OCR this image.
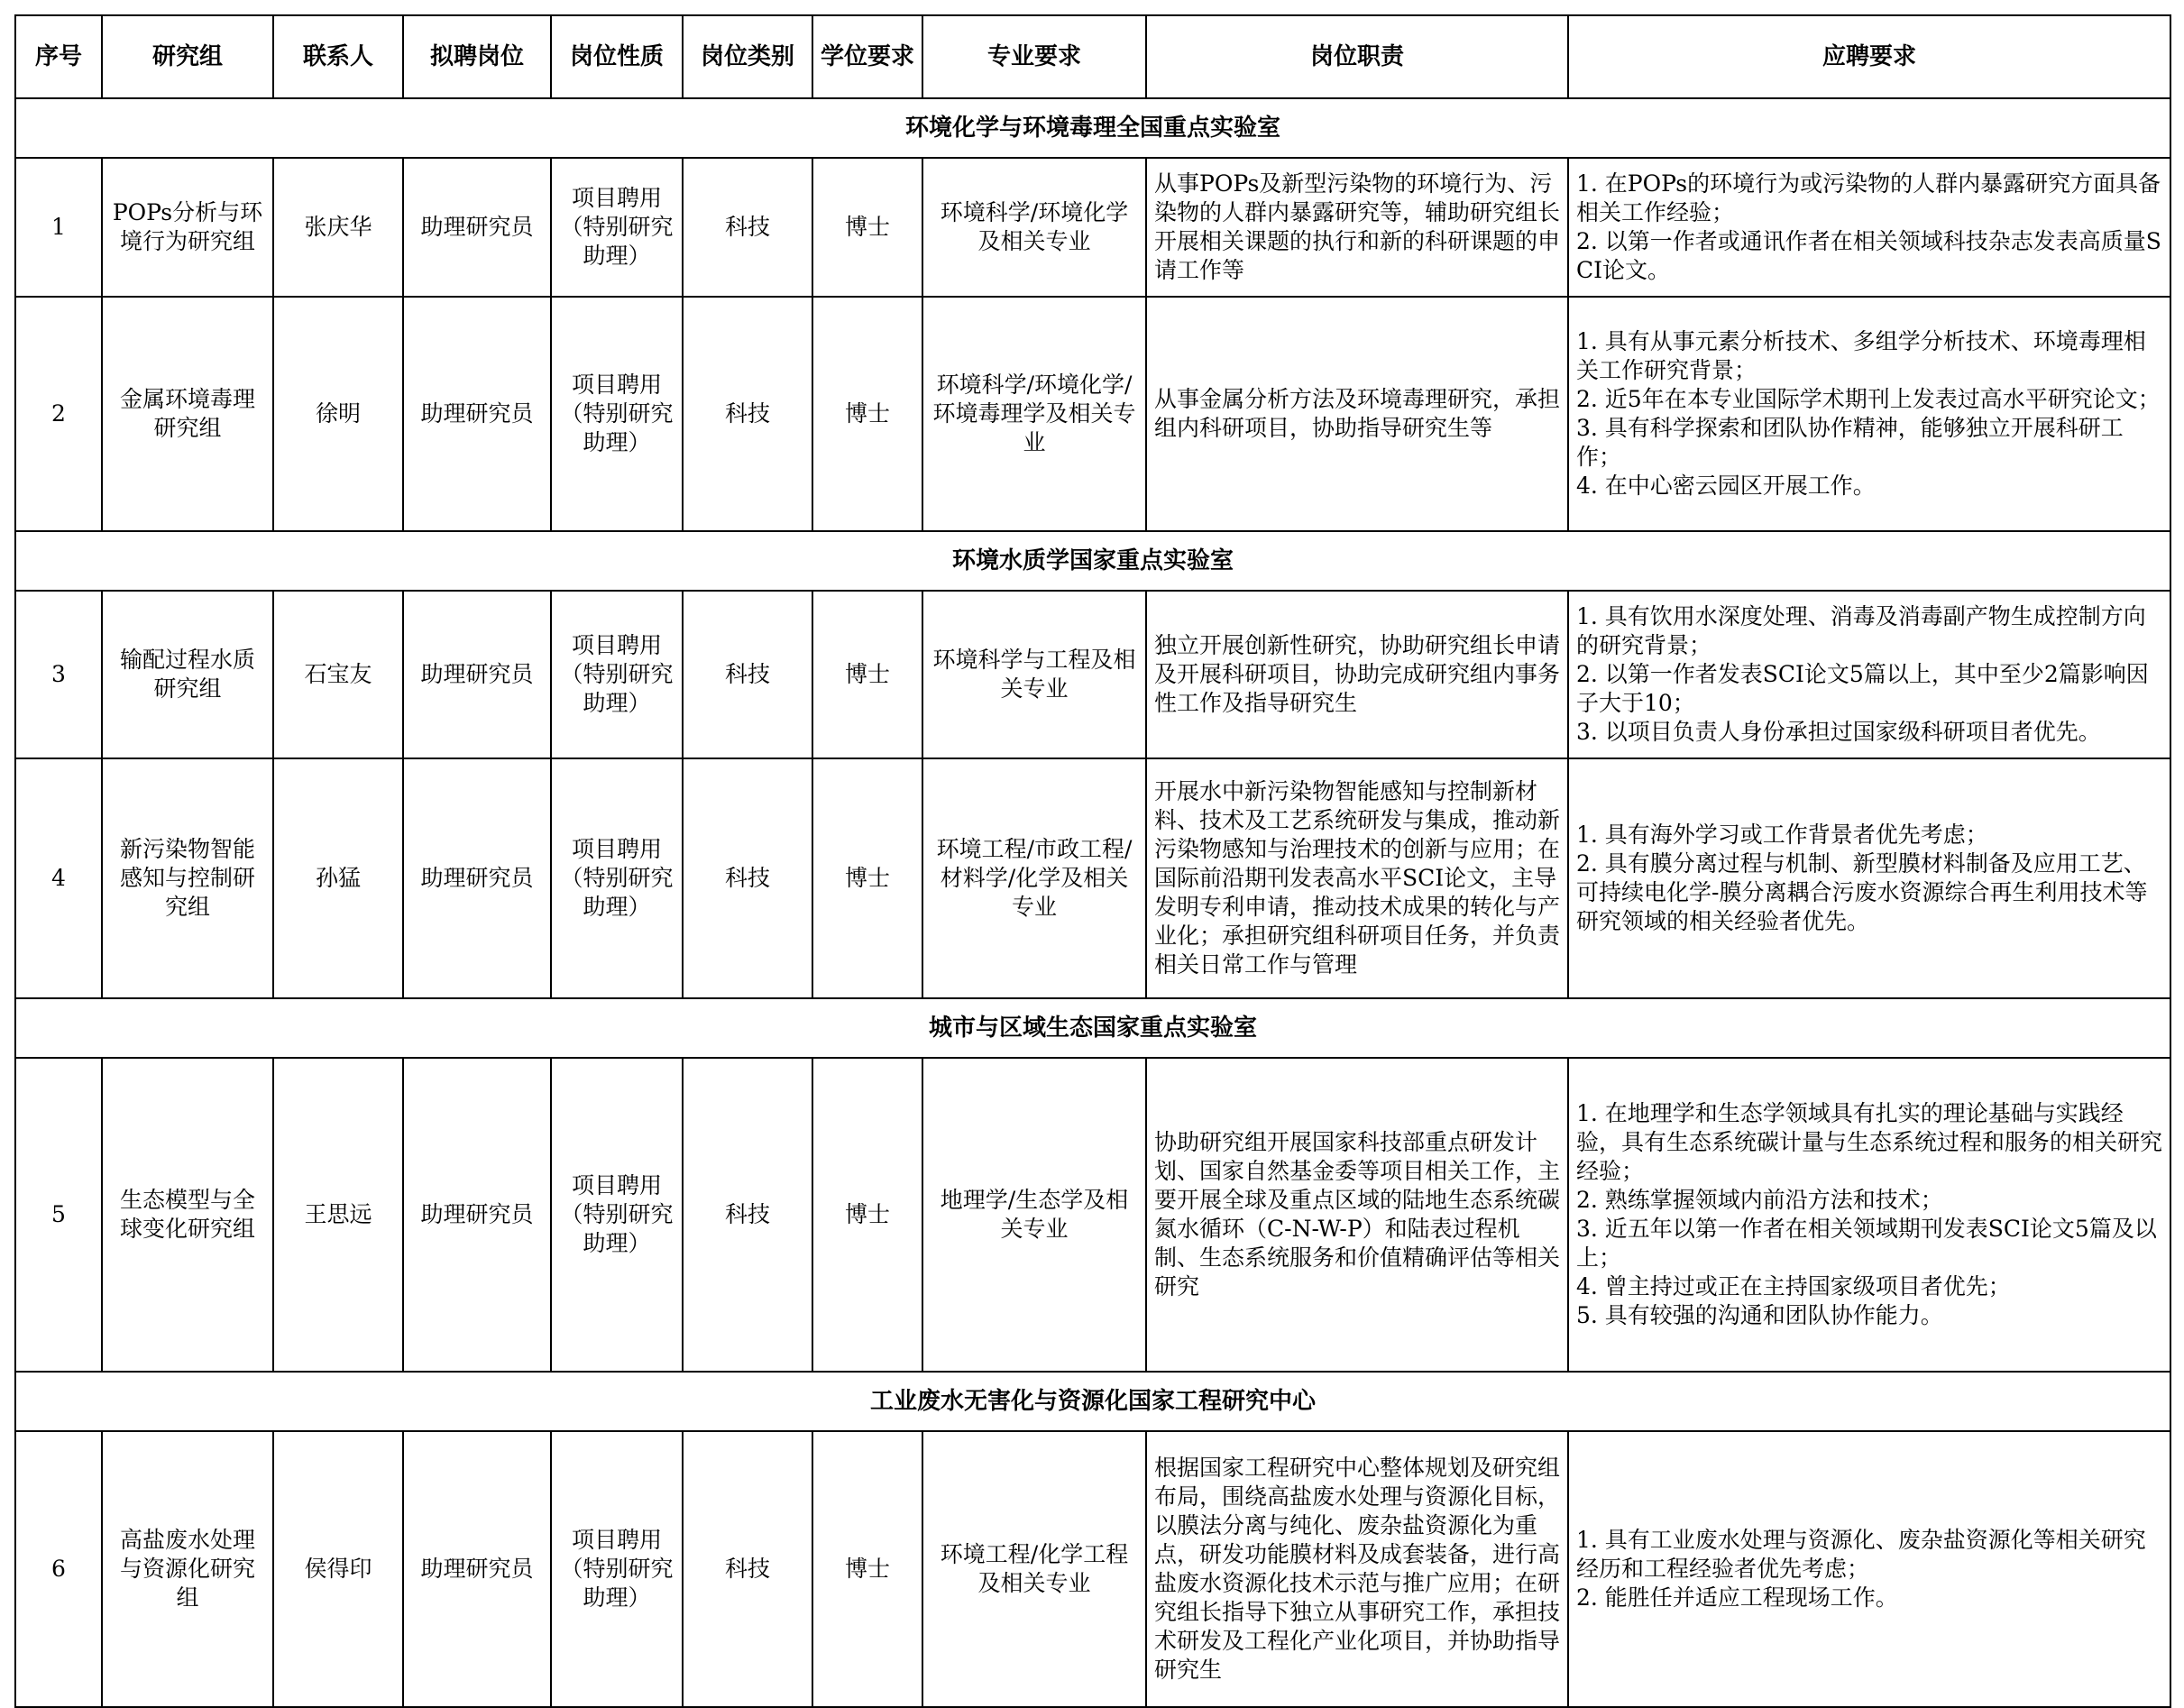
序号	研究组	联系人	拟聘岗位	岗位性质	岗位类别	学位要求	专业要求	岗位职责	应聘要求
环境化学与环境毒理全国重点实验室									
1	POPs分析与环境行为研究组	张庆华	助理研究员	项目聘用（特别研究助理）	科技	博士	环境科学/环境化学及相关专业	从事POPs及新型污染物的环境行为、污染物的人群内暴露研究等，辅助研究组长开展相关课题的执行和新的科研课题的申请工作等	1. 在POPs的环境行为或污染物的人群内暴露研究方面具备相关工作经验；
2. 以第一作者或通讯作者在相关领域科技杂志发表高质量SCI论文。

2	金属环境毒理研究组	徐明	助理研究员	项目聘用（特别研究助理）	科技	博士	环境科学/环境化学/环境毒理学及相关专业	从事金属分析方法及环境毒理研究，承担组内科研项目，协助指导研究生等	1. 具有从事元素分析技术、多组学分析技术、环境毒理相关工作研究背景；
2. 近5年在本专业国际学术期刊上发表过高水平研究论文；
3. 具有科学探索和团队协作精神，能够独立开展科研工作；
4. 在中心密云园区开展工作。

环境水质学国家重点实验室									
3	输配过程水质研究组	石宝友	助理研究员	项目聘用（特别研究助理）	科技	博士	环境科学与工程及相关专业	独立开展创新性研究，协助研究组长申请及开展科研项目，协助完成研究组内事务性工作及指导研究生	1. 具有饮用水深度处理、消毒及消毒副产物生成控制方向的研究背景；
2. 以第一作者发表SCI论文5篇以上，其中至少2篇影响因子大于10；
3. 以项目负责人身份承担过国家级科研项目者优先。

4	新污染物智能感知与控制研究组	孙猛	助理研究员	项目聘用（特别研究助理）	科技	博士	环境工程/市政工程/材料学/化学及相关专业	开展水中新污染物智能感知与控制新材料、技术及工艺系统研发与集成，推动新污染物感知与治理技术的创新与应用；在国际前沿期刊发表高水平SCI论文，主导发明专利申请，推动技术成果的转化与产业化；承担研究组科研项目任务，并负责相关日常工作与管理	1. 具有海外学习或工作背景者优先考虑；
2. 具有膜分离过程与机制、新型膜材料制备及应用工艺、可持续电化学-膜分离耦合污废水资源综合再生利用技术等研究领域的相关经验者优先。

城市与区域生态国家重点实验室									
5	生态模型与全球变化研究组	王思远	助理研究员	项目聘用（特别研究助理）	科技	博士	地理学/生态学及相关专业	协助研究组开展国家科技部重点研发计划、国家自然基金委等项目相关工作，主要开展全球及重点区域的陆地生态系统碳氮水循环（C-N-W-P）和陆表过程机制、生态系统服务和价值精确评估等相关研究	1. 在地理学和生态学领域具有扎实的理论基础与实践经验，具有生态系统碳计量与生态系统过程和服务的相关研究经验；
2. 熟练掌握领域内前沿方法和技术；
3. 近五年以第一作者在相关领域期刊发表SCI论文5篇及以上；
4. 曾主持过或正在主持国家级项目者优先；
5. 具有较强的沟通和团队协作能力。

工业废水无害化与资源化国家工程研究中心									
6	高盐废水处理与资源化研究组	侯得印	助理研究员	项目聘用（特别研究助理）	科技	博士	环境工程/化学工程及相关专业	根据国家工程研究中心整体规划及研究组布局，围绕高盐废水处理与资源化目标，以膜法分离与纯化、废杂盐资源化为重点，研发功能膜材料及成套装备，进行高盐废水资源化技术示范与推广应用；在研究组长指导下独立从事研究工作，承担技术研发及工程化产业化项目，并协助指导研究生	1. 具有工业废水处理与资源化、废杂盐资源化等相关研究经历和工程经验者优先考虑；
2. 能胜任并适应工程现场工作。
